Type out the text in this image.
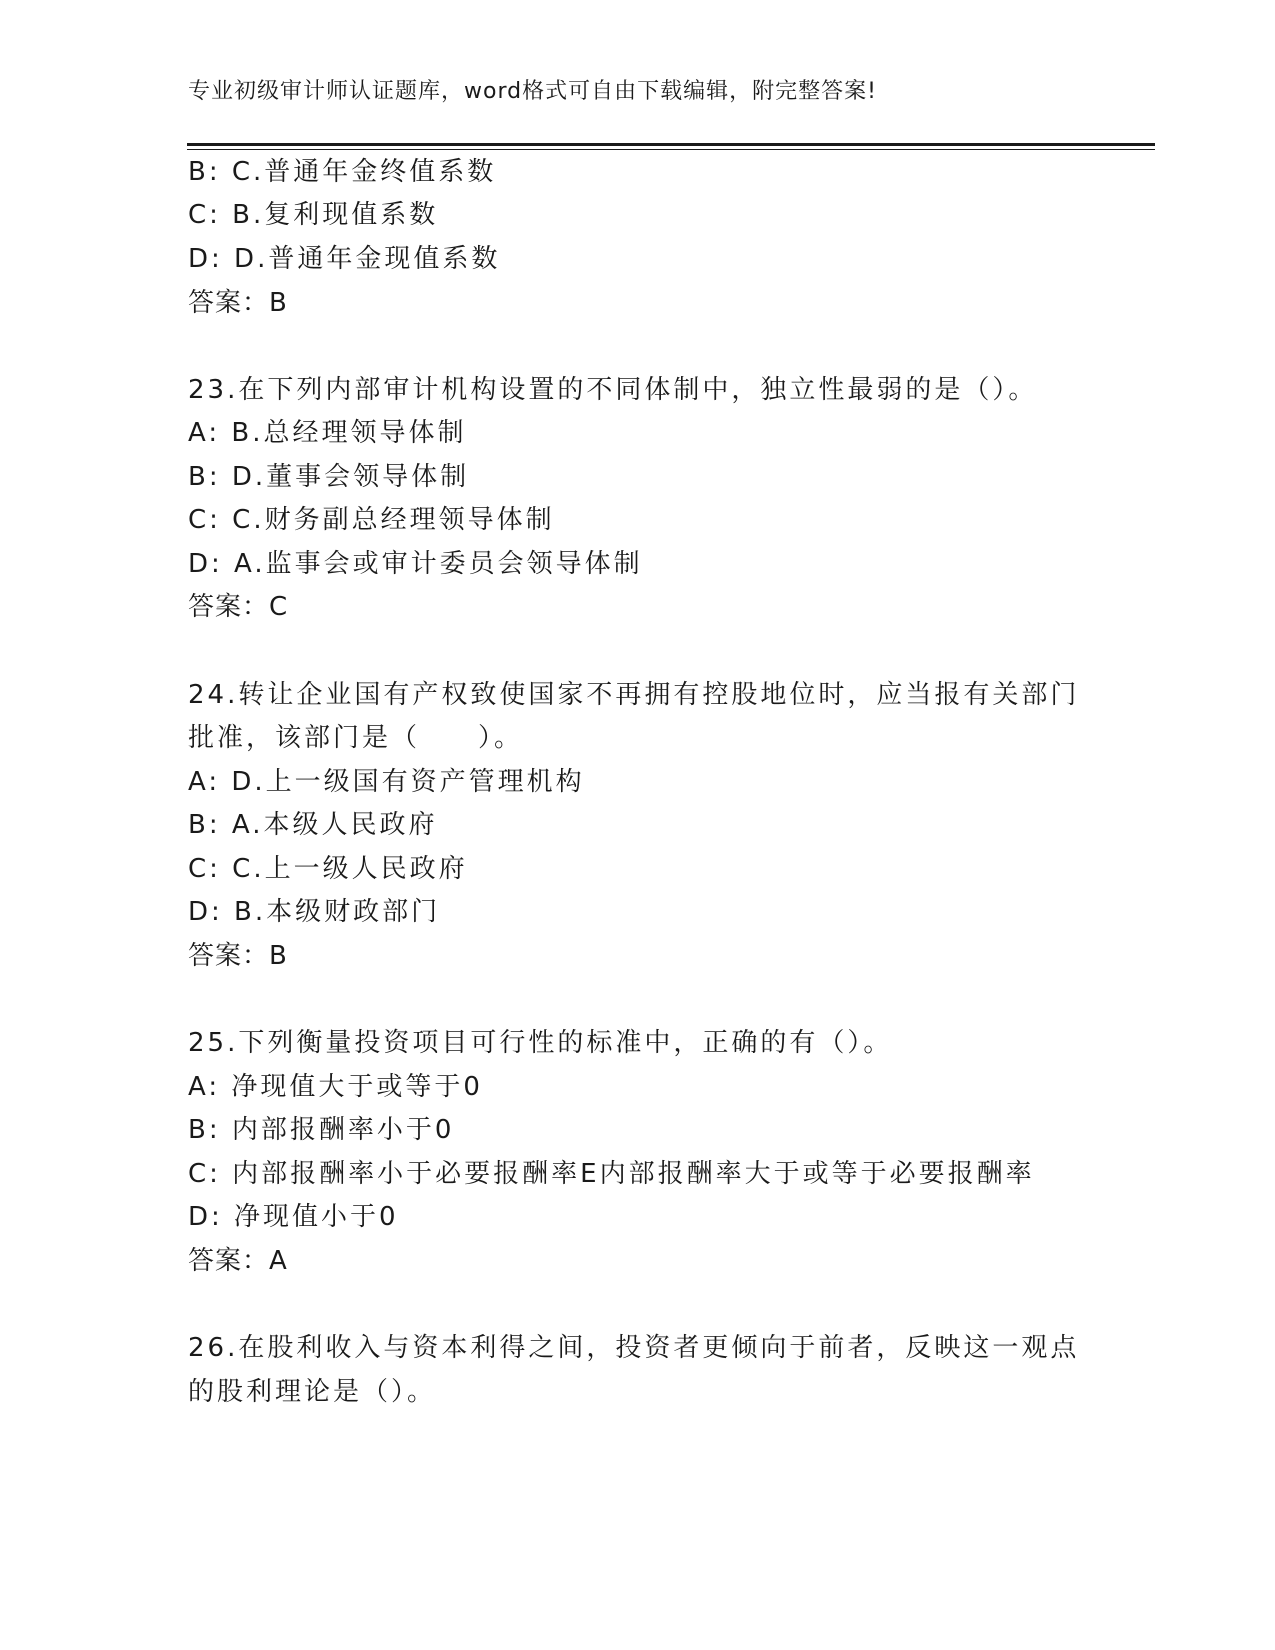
专业初级审计师认证题库，word格式可自由下载编辑，附完整答案!
B: C.普通年金终值系数
C: B.复利现值系数
D: D.普通年金现值系数
答案：B
23.在下列内部审计机构设置的不同体制中，独立性最弱的是（）。
A: B.总经理领导体制
B: D.董事会领导体制
C: C.财务副总经理领导体制
D: A.监事会或审计委员会领导体制
答案：C
24.转让企业国有产权致使国家不再拥有控股地位时，应当报有关部门
批准，该部门是（　　）。
A: D.上一级国有资产管理机构
B: A.本级人民政府
C: C.上一级人民政府
D: B.本级财政部门
答案：B
25.下列衡量投资项目可行性的标准中，正确的有（）。
A: 净现值大于或等于0
B: 内部报酬率小于0
C: 内部报酬率小于必要报酬率E内部报酬率大于或等于必要报酬率
D: 净现值小于0
答案：A
26.在股利收入与资本利得之间，投资者更倾向于前者，反映这一观点
的股利理论是（）。
